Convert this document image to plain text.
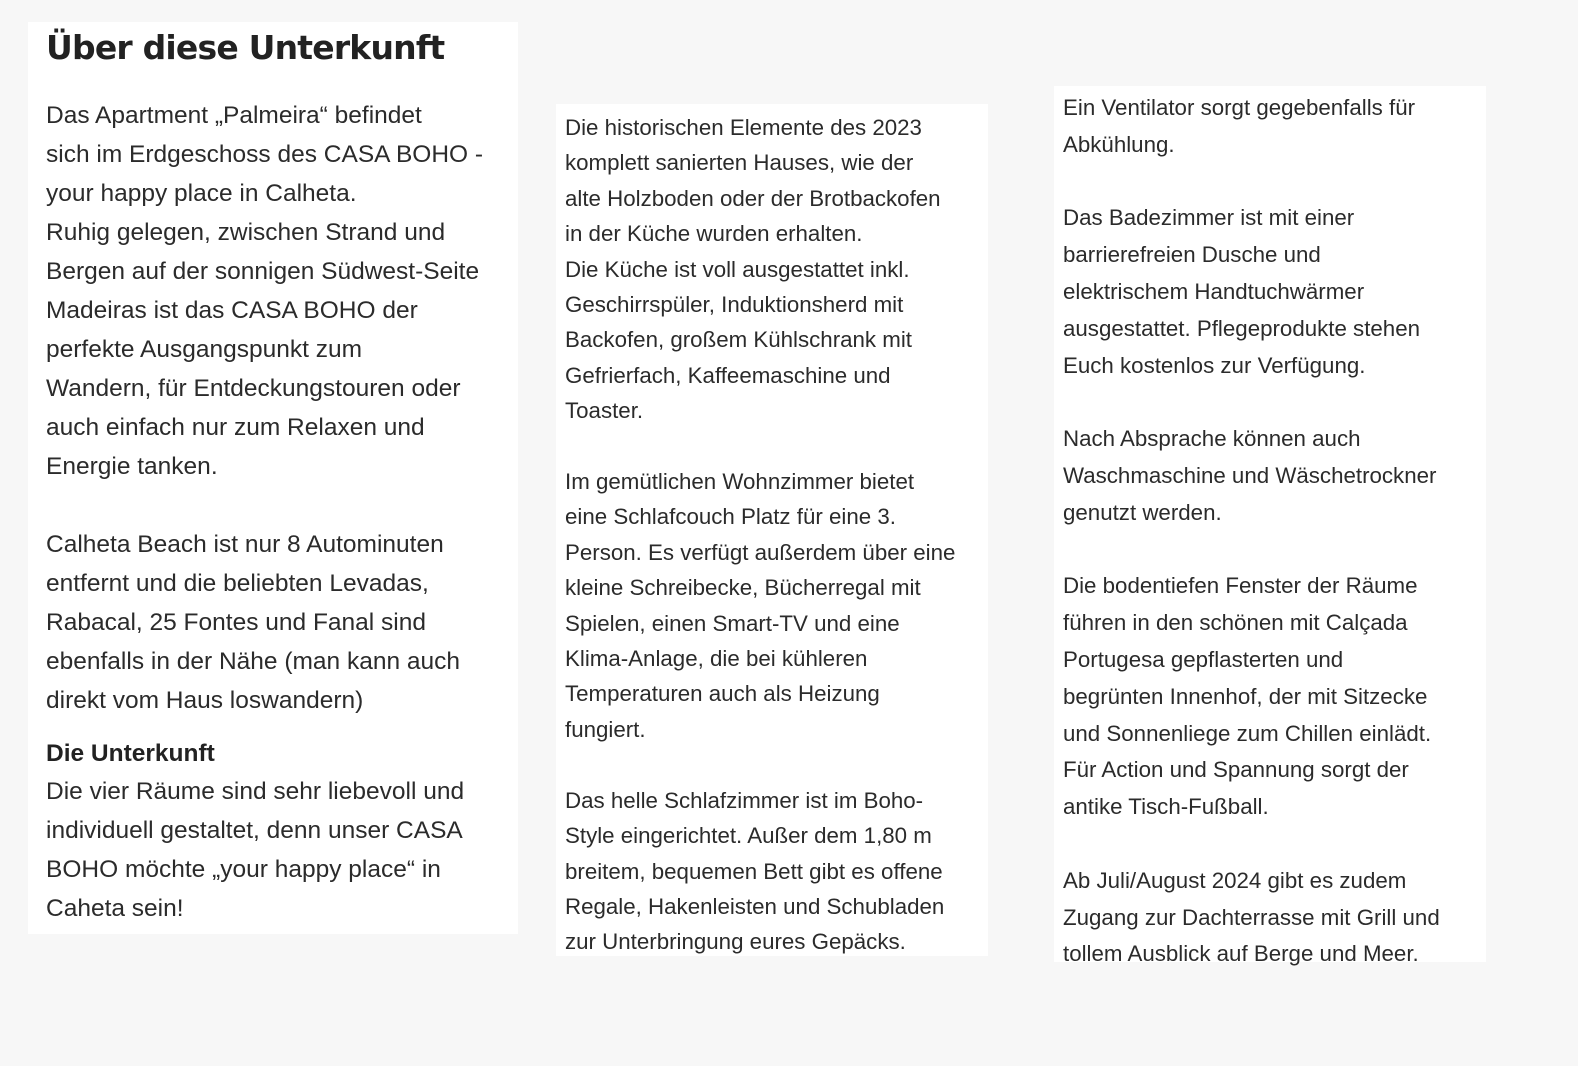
Über diese Unterkunft

Das Apartment „Palmeira“ befindet
sich im Erdgeschoss des CASA BOHO -
your happy place in Calheta.
Ruhig gelegen, zwischen Strand und
Bergen auf der sonnigen Südwest-Seite
Madeiras ist das CASA BOHO der
perfekte Ausgangspunkt zum
Wandern, für Entdeckungstouren oder
auch einfach nur zum Relaxen und
Energie tanken.

Calheta Beach ist nur 8 Autominuten
entfernt und die beliebten Levadas,
Rabacal, 25 Fontes und Fanal sind
ebenfalls in der Nähe (man kann auch
direkt vom Haus loswandern)

Die Unterkunft

Die vier Räume sind sehr liebevoll und
individuell gestaltet, denn unser CASA
BOHO möchte „your happy place“ in
Caheta sein!

Die historischen Elemente des 2023
komplett sanierten Hauses, wie der
alte Holzboden oder der Brotbackofen
in der Küche wurden erhalten.
Die Küche ist voll ausgestattet inkl.
Geschirrspüler, Induktionsherd mit
Backofen, großem Kühlschrank mit
Gefrierfach, Kaffeemaschine und
Toaster.

Im gemütlichen Wohnzimmer bietet
eine Schlafcouch Platz für eine 3.
Person. Es verfügt außerdem über eine
kleine Schreibecke, Bücherregal mit
Spielen, einen Smart-TV und eine
Klima-Anlage, die bei kühleren
Temperaturen auch als Heizung
fungiert.

Das helle Schlafzimmer ist im Boho-
Style eingerichtet. Außer dem 1,80 m
breitem, bequemen Bett gibt es offene
Regale, Hakenleisten und Schubladen
zur Unterbringung eures Gepäcks.

Ein Ventilator sorgt gegebenfalls für
Abkühlung.

Das Badezimmer ist mit einer
barrierefreien Dusche und
elektrischem Handtuchwärmer
ausgestattet. Pflegeprodukte stehen
Euch kostenlos zur Verfügung.

Nach Absprache können auch
Waschmaschine und Wäschetrockner
genutzt werden.

Die bodentiefen Fenster der Räume
führen in den schönen mit Calçada
Portugesa gepflasterten und
begrünten Innenhof, der mit Sitzecke
und Sonnenliege zum Chillen einlädt.
Für Action und Spannung sorgt der
antike Tisch-Fußball.

Ab Juli/August 2024 gibt es zudem
Zugang zur Dachterrasse mit Grill und
tollem Ausblick auf Berge und Meer.
